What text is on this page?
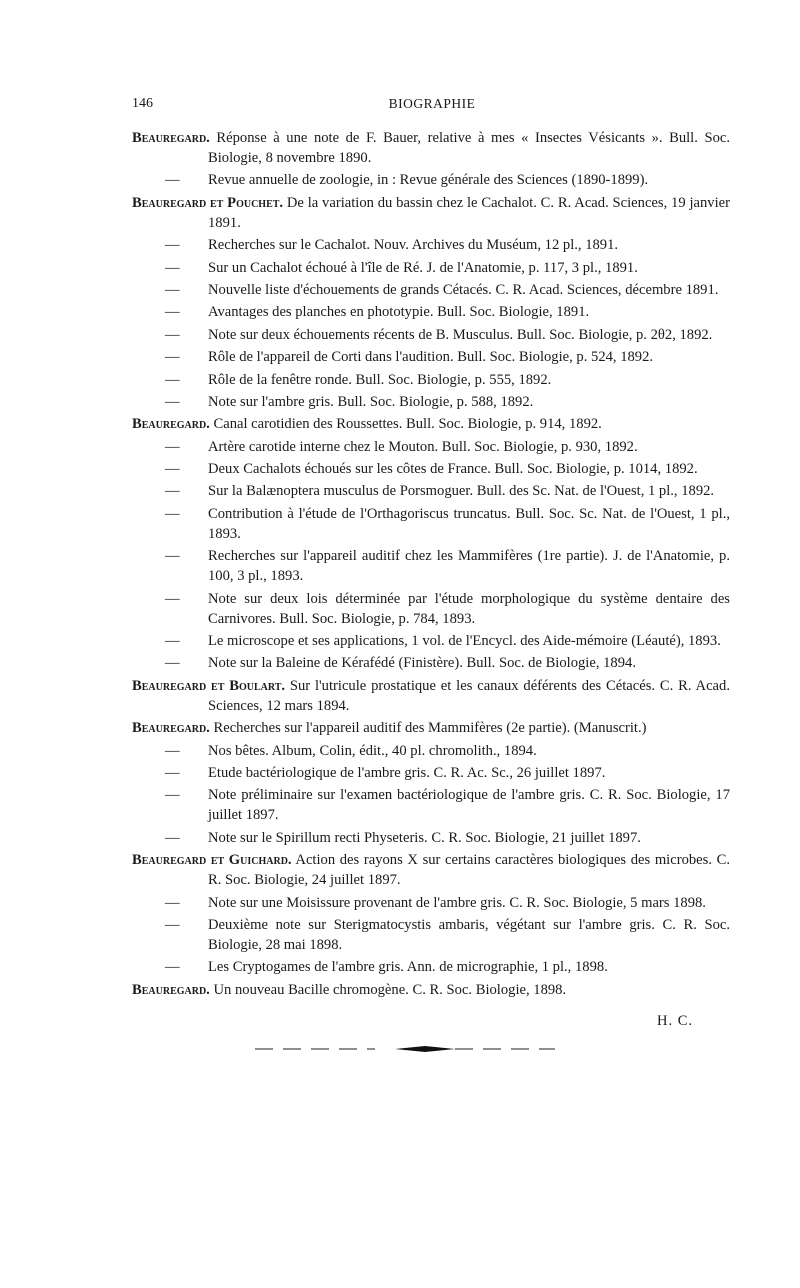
146	BIOGRAPHIE

Beauregard. Réponse à une note de F. Bauer, relative à mes « Insectes Vésicants ». Bull. Soc. Biologie, 8 novembre 1890.

— Revue annuelle de zoologie, in : Revue générale des Sciences (1890-1899).

Beauregard et Pouchet. De la variation du bassin chez le Cachalot. C. R. Acad. Sciences, 19 janvier 1891.

— Recherches sur le Cachalot. Nouv. Archives du Muséum, 12 pl., 1891.

— Sur un Cachalot échoué à l'île de Ré. J. de l'Anatomie, p. 117, 3 pl., 1891.

— Nouvelle liste d'échouements de grands Cétacés. C. R. Acad. Sciences, décembre 1891.

— Avantages des planches en phototypie. Bull. Soc. Biologie, 1891.

— Note sur deux échouements récents de B. Musculus. Bull. Soc. Biologie, p. 2θ2, 1892.

— Rôle de l'appareil de Corti dans l'audition. Bull. Soc. Biologie, p. 524, 1892.

— Rôle de la fenêtre ronde. Bull. Soc. Biologie, p. 555, 1892.

— Note sur l'ambre gris. Bull. Soc. Biologie, p. 588, 1892.

Beauregard. Canal carotidien des Roussettes. Bull. Soc. Biologie, p. 914, 1892.

— Artère carotide interne chez le Mouton. Bull. Soc. Biologie, p. 930, 1892.

— Deux Cachalots échoués sur les côtes de France. Bull. Soc. Biologie, p. 1014, 1892.

— Sur la Balænoptera musculus de Porsmoguer. Bull. des Sc. Nat. de l'Ouest, 1 pl., 1892.

— Contribution à l'étude de l'Orthagoriscus truncatus. Bull. Soc. Sc. Nat. de l'Ouest, 1 pl., 1893.

— Recherches sur l'appareil auditif chez les Mammifères (1re partie). J. de l'Anatomie, p. 100, 3 pl., 1893.

— Note sur deux lois déterminée par l'étude morphologique du système dentaire des Carnivores. Bull. Soc. Biologie, p. 784, 1893.

— Le microscope et ses applications, 1 vol. de l'Encycl. des Aide-mémoire (Léauté), 1893.

— Note sur la Baleine de Kérafédé (Finistère). Bull. Soc. de Biologie, 1894.

Beauregard et Boulart. Sur l'utricule prostatique et les canaux déférents des Cétacés. C. R. Acad. Sciences, 12 mars 1894.

Beauregard. Recherches sur l'appareil auditif des Mammifères (2e partie). (Manuscrit.)

— Nos bêtes. Album, Colin, édit., 40 pl. chromolith., 1894.

— Etude bactériologique de l'ambre gris. C. R. Ac. Sc., 26 juillet 1897.

— Note préliminaire sur l'examen bactériologique de l'ambre gris. C. R. Soc. Biologie, 17 juillet 1897.

— Note sur le Spirillum recti Physeteris. C. R. Soc. Biologie, 21 juillet 1897.

Beauregard et Guichard. Action des rayons X sur certains caractères biologiques des microbes. C. R. Soc. Biologie, 24 juillet 1897.

— Note sur une Moisissure provenant de l'ambre gris. C. R. Soc. Biologie, 5 mars 1898.

— Deuxième note sur Sterigmatocystis ambaris, végétant sur l'ambre gris. C. R. Soc. Biologie, 28 mai 1898.

— Les Cryptogames de l'ambre gris. Ann. de micrographie, 1 pl., 1898.

Beauregard. Un nouveau Bacille chromogène. C. R. Soc. Biologie, 1898.

H. C.
